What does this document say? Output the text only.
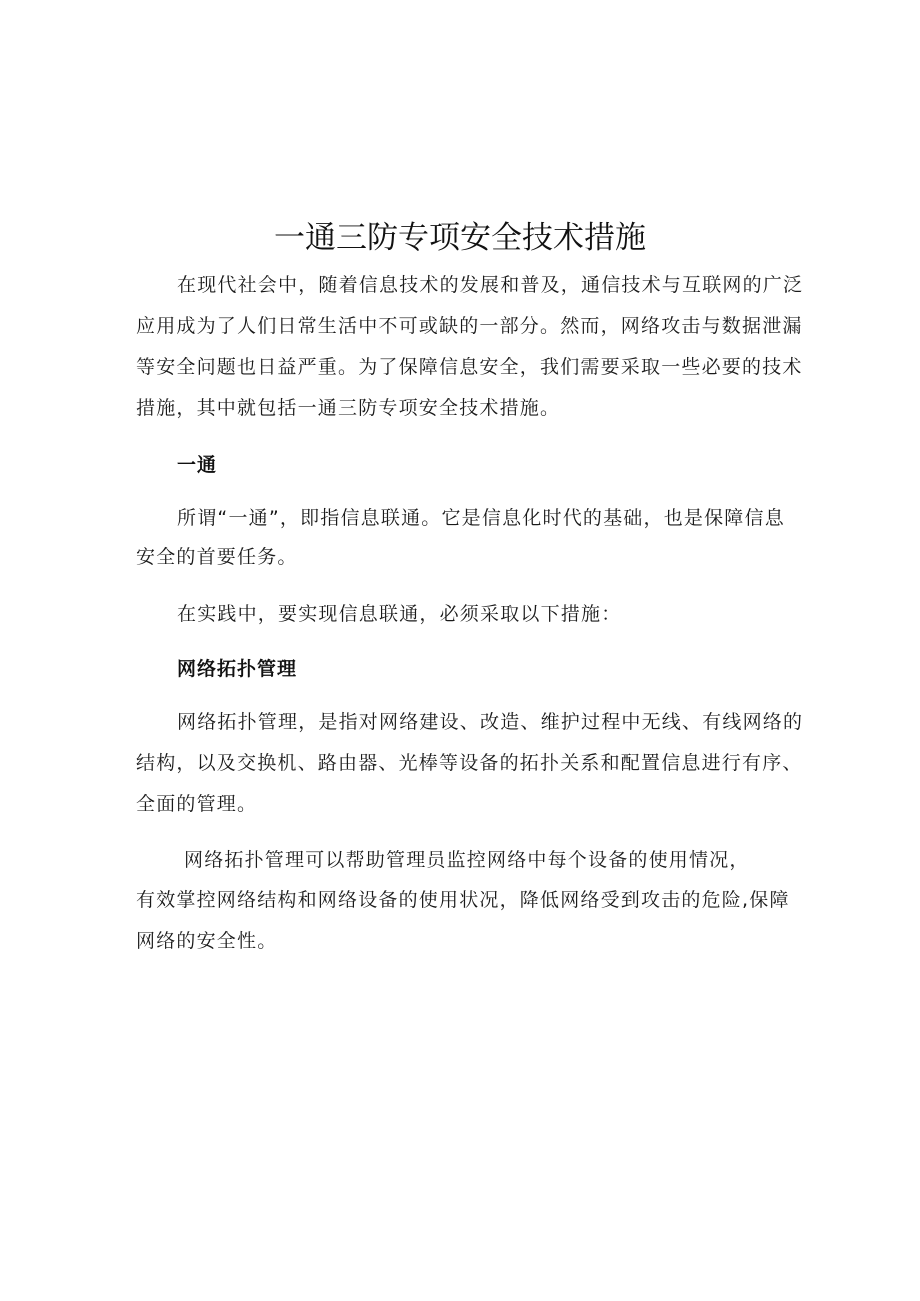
一通三防专项安全技术措施
在现代社会中，随着信息技术的发展和普及，通信技术与互联网的广泛
应用成为了人们日常生活中不可或缺的一部分。然而，网络攻击与数据泄漏
等安全问题也日益严重。为了保障信息安全，我们需要采取一些必要的技术
措施，其中就包括一通三防专项安全技术措施。
一通
所谓“一通”，即指信息联通。它是信息化时代的基础，也是保障信息
安全的首要任务。
在实践中，要实现信息联通，必须采取以下措施：
网络拓扑管理
网络拓扑管理，是指对网络建设、改造、维护过程中无线、有线网络的
结构，以及交换机、路由器、光棒等设备的拓扑关系和配置信息进行有序、
全面的管理。
网络拓扑管理可以帮助管理员监控网络中每个设备的使用情况，
有效掌控网络结构和网络设备的使用状况，降低网络受到攻击的危险,保障
网络的安全性。
